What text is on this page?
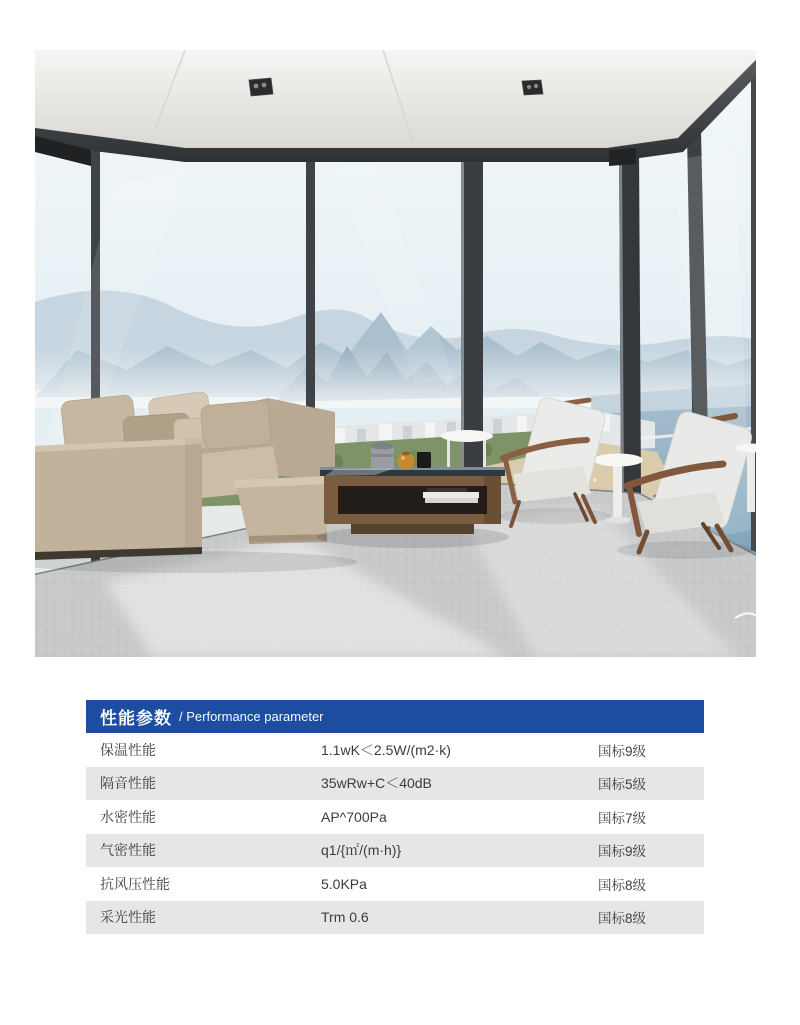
性能参数 / Performance parameter
保温性能	1.1wK＜2.5W/(m2·k)	国标9级
隔音性能	35wRw+C＜40dB	国标5级
水密性能	AP^700Pa	国标7级
气密性能	q1/{㎡/(m·h)}	国标9级
抗风压性能	5.0KPa	国标8级
采光性能	Trm 0.6	国标8级
